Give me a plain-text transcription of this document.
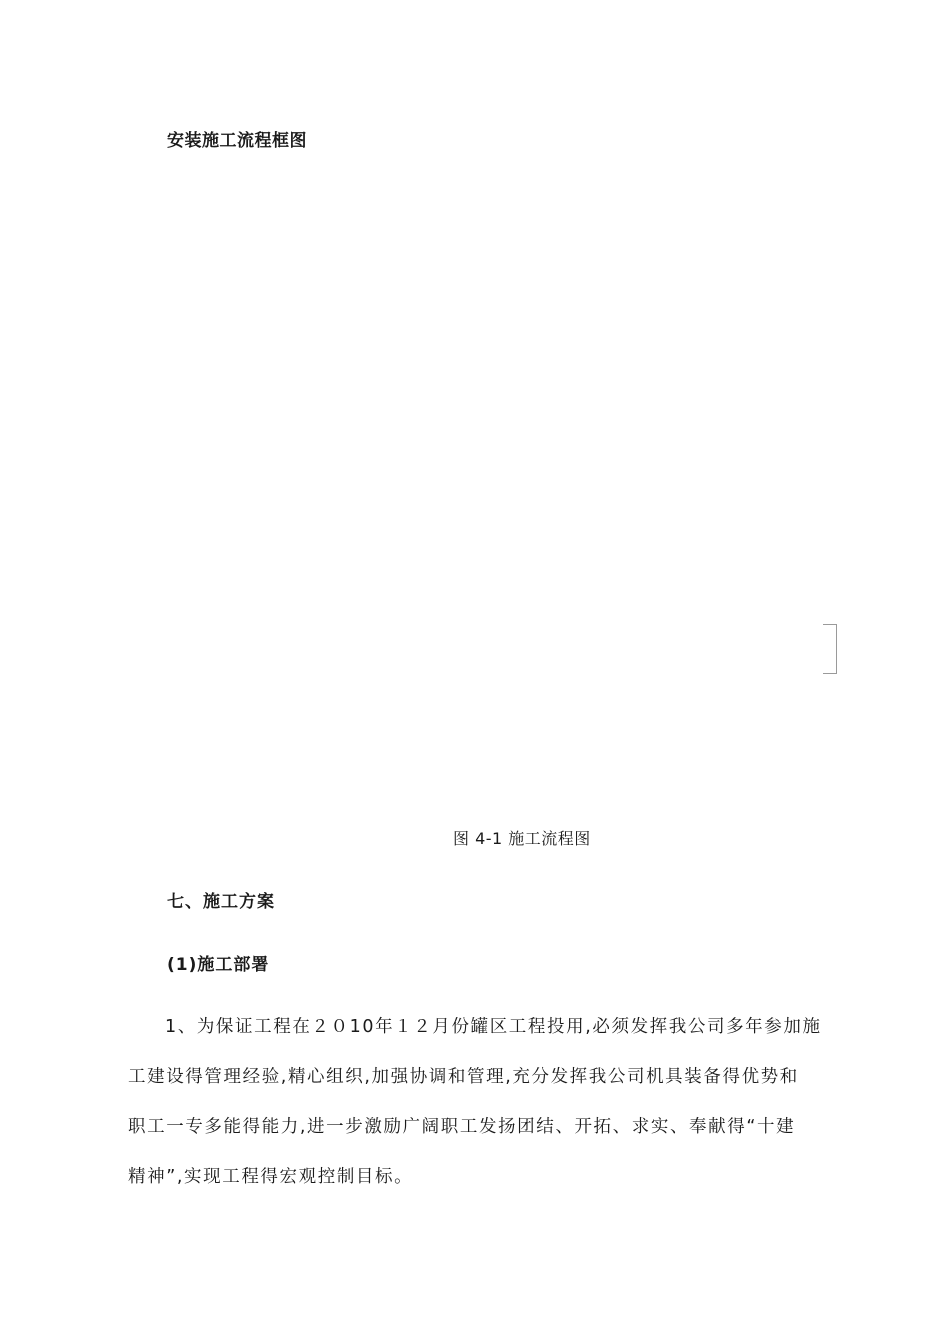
安装施工流程框图
图 4-1 施工流程图
七、施工方案
(1)施工部署
1、为保证工程在２０10年１２月份罐区工程投用,必须发挥我公司多年参加施
工建设得管理经验,精心组织,加强协调和管理,充分发挥我公司机具装备得优势和
职工一专多能得能力,进一步激励广阔职工发扬团结、开拓、求实、奉献得“十建
精神”,实现工程得宏观控制目标。
